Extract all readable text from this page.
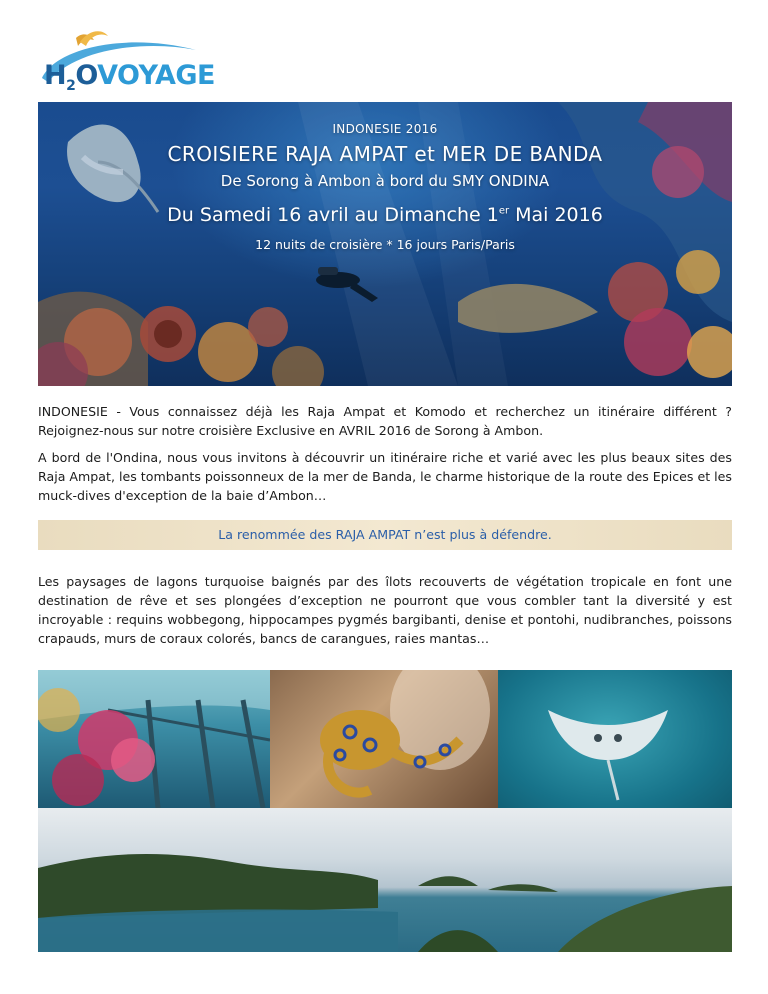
$H_2OVOYAGE$
INDONESIE 2016
CROISIERE RAJA AMPAT et MER DE BANDA
De Sorong à Ambon à bord du SMY ONDINA
Du Samedi 16 avril au Dimanche 1er Mai 2016
12 nuits de croisière * 16 jours Paris/Paris
INDONESIE - Vous connaissez déjà les Raja Ampat et Komodo et recherchez un itinéraire différent ? Rejoignez-nous sur notre croisière Exclusive en AVRIL 2016 de Sorong à Ambon.
A bord de l'Ondina, nous vous invitons à découvrir un itinéraire riche et varié avec les plus beaux sites des Raja Ampat, les tombants poissonneux de la mer de Banda, le charme historique de la route des Epices et les muck-dives d'exception de la baie d’Ambon…
La renommée des RAJA AMPAT n’est plus à défendre.
Les paysages de lagons turquoise baignés par des îlots recouverts de végétation tropicale en font une destination de rêve et ses plongées d’exception ne pourront que vous combler tant la diversité y est incroyable : requins wobbegong, hippocampes pygmés bargibanti, denise et pontohi, nudibranches, poissons crapauds, murs de coraux colorés, bancs de carangues, raies mantas…
